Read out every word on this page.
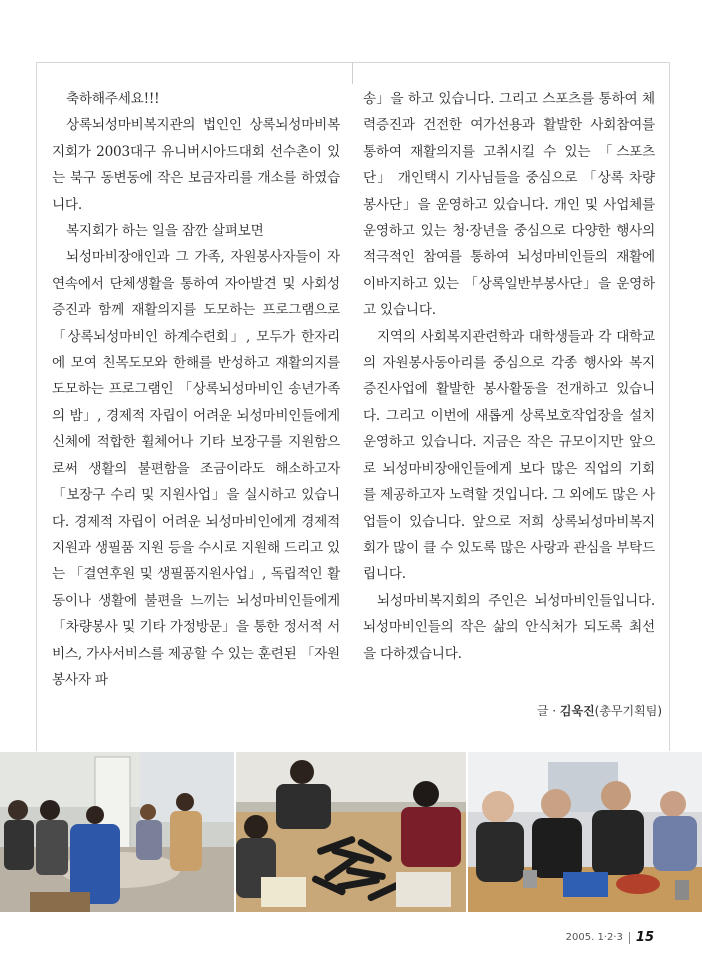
축하해주세요!!!

상록뇌성마비복지관의 법인인 상록뇌성마비복지회가 2003대구 유니버시아드대회 선수촌이 있는 북구 동변동에 작은 보금자리를 개소를 하였습니다.

복지회가 하는 일을 잠깐 살펴보면

뇌성마비장애인과 그 가족, 자원봉사자들이 자연속에서 단체생활을 통하여 자아발견 및 사회성 증진과 함께 재활의지를 도모하는 프로그램으로 「상록뇌성마비인 하계수련회」, 모두가 한자리에 모여 친목도모와 한해를 반성하고 재활의지를 도모하는 프로그램인 「상록뇌성마비인 송년가족의 밤」, 경제적 자립이 어려운 뇌성마비인들에게 신체에 적합한 휠체어나 기타 보장구를 지원함으로써 생활의 불편함을 조금이라도 해소하고자 「보장구 수리 및 지원사업」을 실시하고 있습니다. 경제적 자립이 어려운 뇌성마비인에게 경제적 지원과 생필품 지원 등을 수시로 지원해 드리고 있는 「결연후원 및 생필품지원사업」, 독립적인 활동이나 생활에 불편을 느끼는 뇌성마비인들에게 「차량봉사 및 기타 가정방문」을 통한 정서적 서비스, 가사서비스를 제공할 수 있는 훈련된 「자원봉사자 파

송」을 하고 있습니다. 그리고 스포츠를 통하여 체력증진과 건전한 여가선용과 활발한 사회참여를 통하여 재활의지를 고취시킬 수 있는 「스포츠단」 개인택시 기사님들을 중심으로 「상록 차량봉사단」을 운영하고 있습니다. 개인 및 사업체를 운영하고 있는 청·장년을 중심으로 다양한 행사의 적극적인 참여를 통하여 뇌성마비인들의 재활에 이바지하고 있는 「상록일반부봉사단」을 운영하고 있습니다.

지역의 사회복지관련학과 대학생들과 각 대학교의 자원봉사동아리를 중심으로 각종 행사와 복지증진사업에 활발한 봉사활동을 전개하고 있습니다. 그리고 이번에 새롭게 상록보호작업장을 설치 운영하고 있습니다. 지금은 작은 규모이지만 앞으로 뇌성마비장애인들에게 보다 많은 직업의 기회를 제공하고자 노력할 것입니다. 그 외에도 많은 사업들이 있습니다. 앞으로 저희 상록뇌성마비복지회가 많이 클 수 있도록 많은 사랑과 관심을 부탁드립니다.

뇌성마비복지회의 주인은 뇌성마비인들입니다. 뇌성마비인들의 작은 삶의 안식처가 되도록 최선을 다하겠습니다.

글 · 김욱진(총무기획팀)
2005. 1·2·3 15
